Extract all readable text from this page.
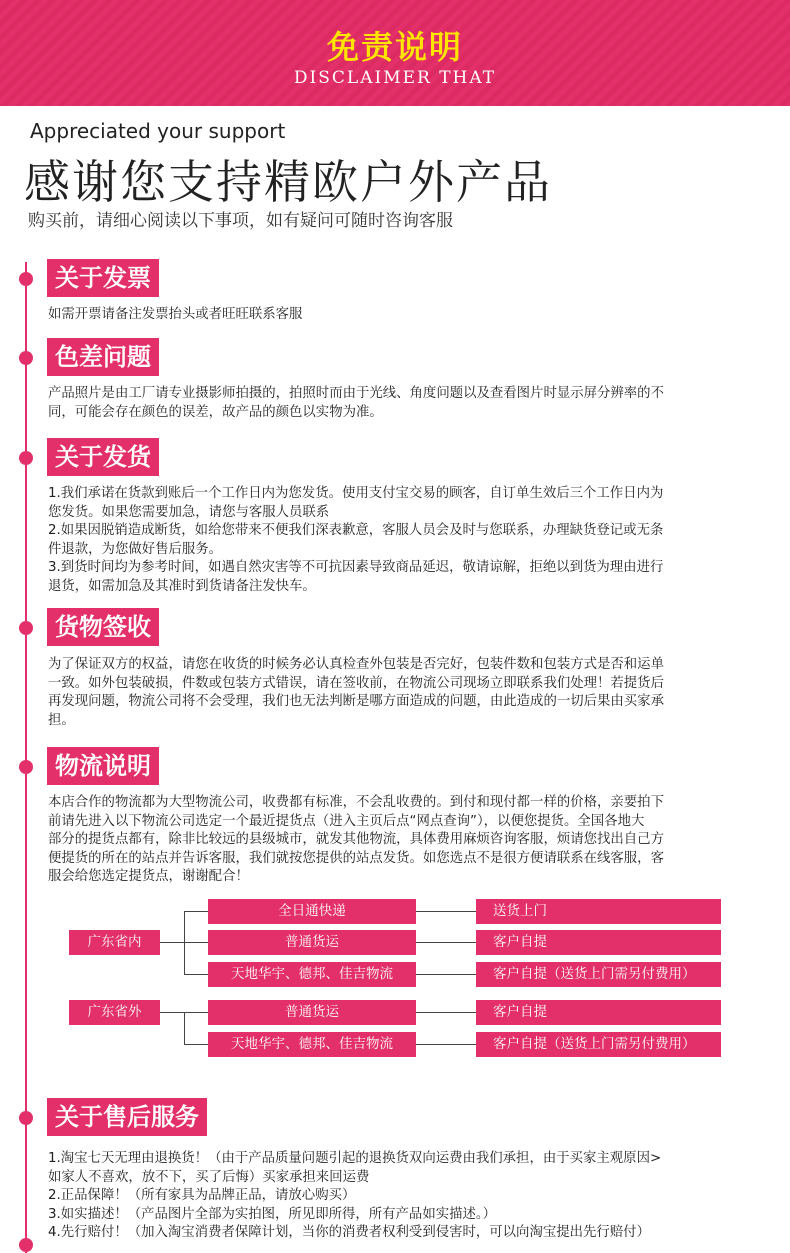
免责说明
DISCLAIMER THAT
Appreciated your support
感谢您支持精欧户外产品
购买前，请细心阅读以下事项，如有疑问可随时咨询客服
关于发票
如需开票请备注发票抬头或者旺旺联系客服
色差问题
产品照片是由工厂请专业摄影师拍摄的，拍照时而由于光线、角度问题以及查看图片时显示屏分辨率的不
同，可能会存在颜色的误差，故产品的颜色以实物为准。
关于发货
1.我们承诺在货款到账后一个工作日内为您发货。使用支付宝交易的顾客，自订单生效后三个工作日内为
您发货。如果您需要加急，请您与客服人员联系
2.如果因脱销造成断货，如给您带来不便我们深表歉意，客服人员会及时与您联系，办理缺货登记或无条
件退款，为您做好售后服务。
3.到货时间均为参考时间，如遇自然灾害等不可抗因素导致商品延迟，敬请谅解，拒绝以到货为理由进行
退货，如需加急及其准时到货请备注发快车。
货物签收
为了保证双方的权益，请您在收货的时候务必认真检查外包装是否完好，包装件数和包装方式是否和运单
一致。如外包装破损，件数或包装方式错误，请在签收前，在物流公司现场立即联系我们处理！若提货后
再发现问题，物流公司将不会受理，我们也无法判断是哪方面造成的问题，由此造成的一切后果由买家承
担。
物流说明
本店合作的物流都为大型物流公司，收费都有标准，不会乱收费的。到付和现付都一样的价格，亲要拍下
前请先进入以下物流公司选定一个最近提货点（进入主页后点“网点查询”），以便您提货。全国各地大
部分的提货点都有，除非比较远的县级城市，就发其他物流，具体费用麻烦咨询客服，烦请您找出自己方
便提货的所在的站点并告诉客服，我们就按您提供的站点发货。如您选点不是很方便请联系在线客服，客
服会给您选定提货点，谢谢配合！
广东省内
全日通快递
普通货运
天地华宇、德邦、佳吉物流
送货上门
客户自提
客户自提（送货上门需另付费用）
广东省外	普通货运
天地华宇、德邦、佳吉物流
客户自提
客户自提（送货上门需另付费用）
关于售后服务
1.淘宝七天无理由退换货！（由于产品质量问题引起的退换货双向运费由我们承担，由于买家主观原因>
如家人不喜欢，放不下，买了后悔）买家承担来回运费
2.正品保障！（所有家具为品牌正品，请放心购买）
3.如实描述！（产品图片全部为实拍图，所见即所得，所有产品如实描述。）
4.先行赔付！（加入淘宝消费者保障计划，当你的消费者权利受到侵害时，可以向淘宝提出先行赔付）
